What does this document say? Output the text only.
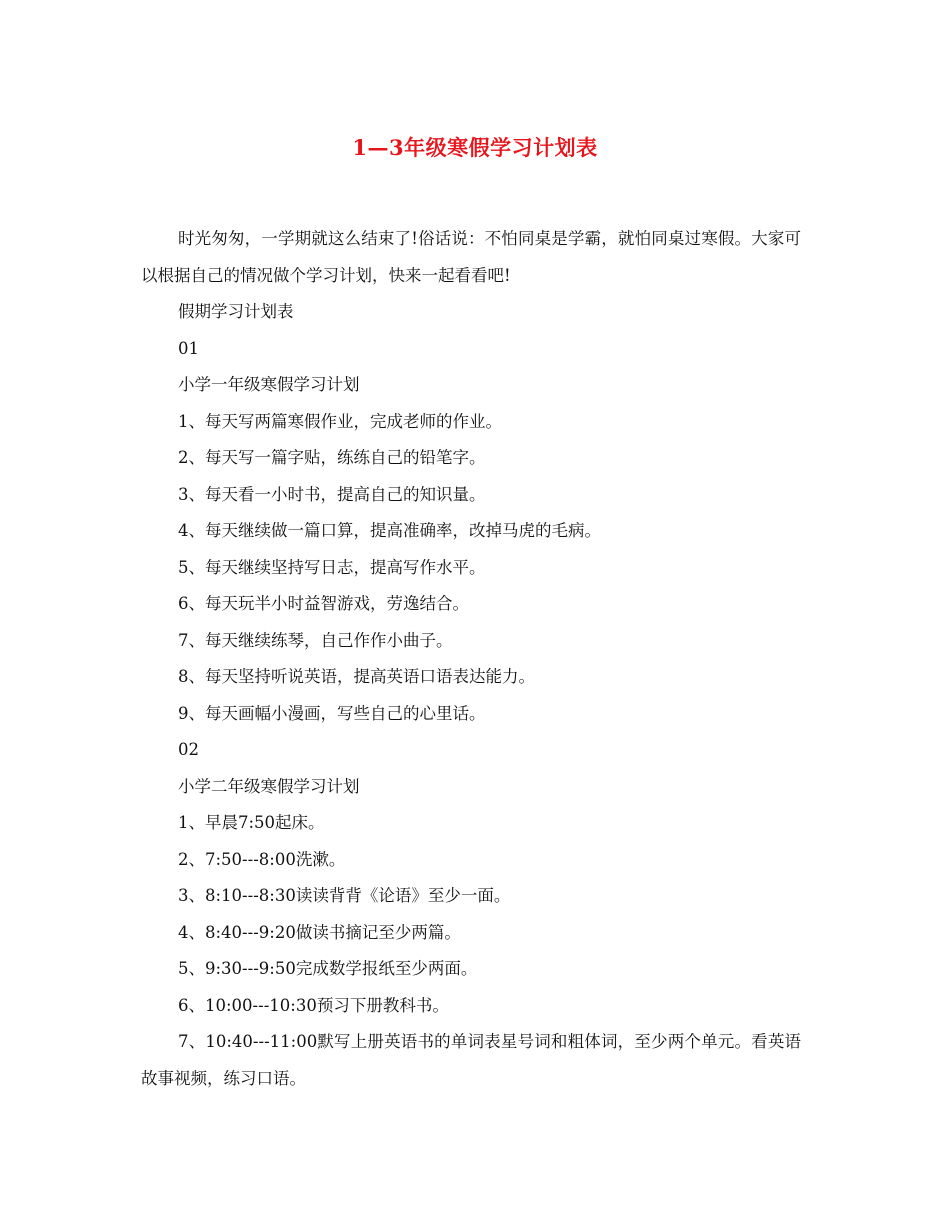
1—3年级寒假学习计划表

时光匆匆，一学期就这么结束了!俗话说：不怕同桌是学霸，就怕同桌过寒假。大家可以根据自己的情况做个学习计划，快来一起看看吧!

假期学习计划表

01

小学一年级寒假学习计划

1、每天写两篇寒假作业，完成老师的作业。

2、每天写一篇字贴，练练自己的铅笔字。

3、每天看一小时书，提高自己的知识量。

4、每天继续做一篇口算，提高准确率，改掉马虎的毛病。

5、每天继续坚持写日志，提高写作水平。

6、每天玩半小时益智游戏，劳逸结合。

7、每天继续练琴，自己作作小曲子。

8、每天坚持听说英语，提高英语口语表达能力。

9、每天画幅小漫画，写些自己的心里话。

02

小学二年级寒假学习计划

1、早晨7:50起床。

2、7:50---8:00洗漱。

3、8:10---8:30读读背背《论语》至少一面。

4、8:40---9:20做读书摘记至少两篇。

5、9:30---9:50完成数学报纸至少两面。

6、10:00---10:30预习下册教科书。

7、10:40---11:00默写上册英语书的单词表星号词和粗体词，至少两个单元。看英语故事视频，练习口语。
